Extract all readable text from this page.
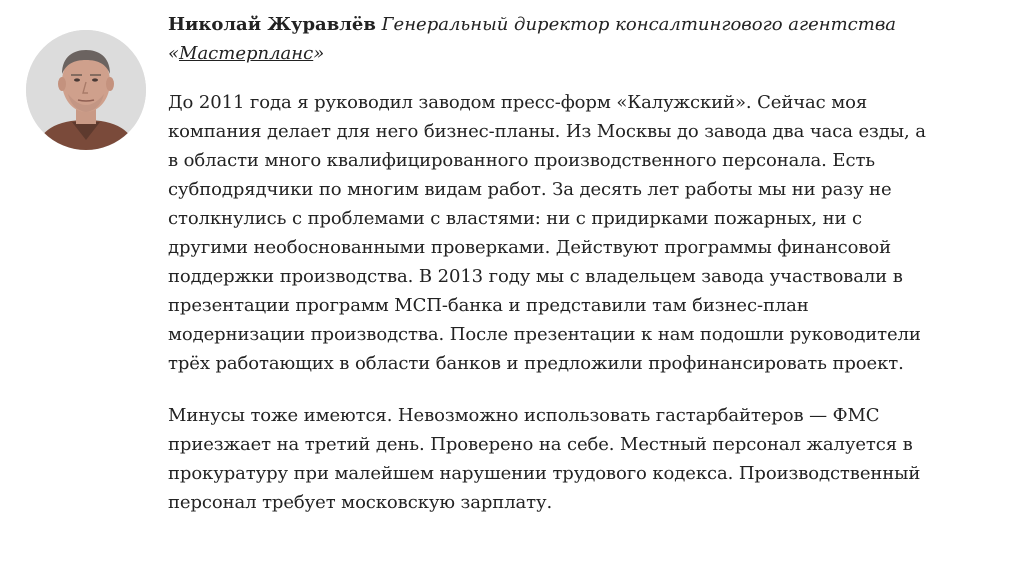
Николай Журавлёв Генеральный директор консалтингового агентства «Мастерпланс»

До 2011 года я руководил заводом пресс-форм «Калужский». Сейчас моя компания делает для него бизнес-планы. Из Москвы до завода два часа езды, а в области много квалифицированного производственного персонала. Есть субподрядчики по многим видам работ. За десять лет работы мы ни разу не столкнулись с проблемами с властями: ни с придирками пожарных, ни с другими необоснованными проверками. Действуют программы финансовой поддержки производства. В 2013 году мы с владельцем завода участвовали в презентации программ МСП-банка и представили там бизнес-план модернизации производства. После презентации к нам подошли руководители трёх работающих в области банков и предложили профинансировать проект.

Минусы тоже имеются. Невозможно использовать гастарбайтеров — ФМС приезжает на третий день. Проверено на себе. Местный персонал жалуется в прокуратуру при малейшем нарушении трудового кодекса. Производственный персонал требует московскую зарплату.
